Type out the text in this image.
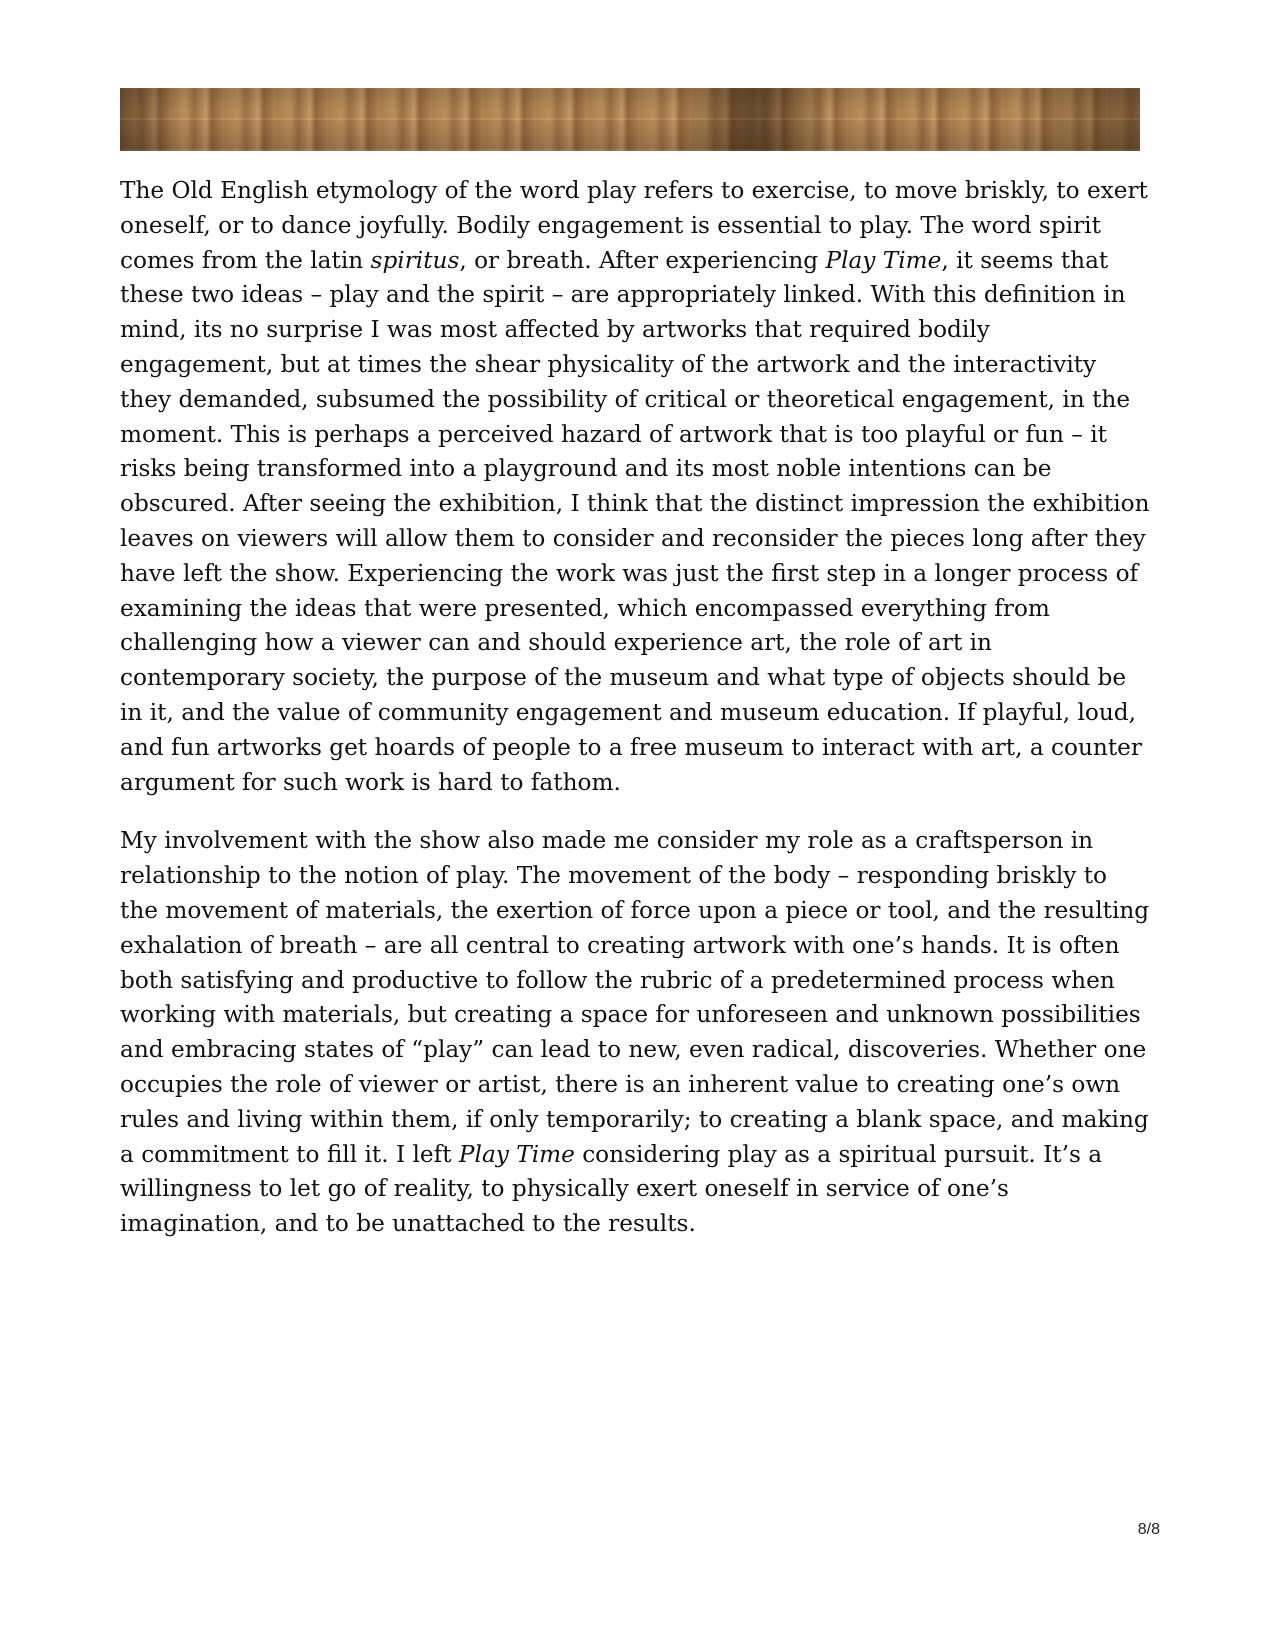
The Old English etymology of the word play refers to exercise, to move briskly, to exert oneself, or to dance joyfully. Bodily engagement is essential to play. The word spirit comes from the latin spiritus, or breath. After experiencing Play Time, it seems that these two ideas – play and the spirit – are appropriately linked. With this definition in mind, its no surprise I was most affected by artworks that required bodily engagement, but at times the shear physicality of the artwork and the interactivity they demanded, subsumed the possibility of critical or theoretical engagement, in the moment. This is perhaps a perceived hazard of artwork that is too playful or fun – it risks being transformed into a playground and its most noble intentions can be obscured. After seeing the exhibition, I think that the distinct impression the exhibition leaves on viewers will allow them to consider and reconsider the pieces long after they have left the show. Experiencing the work was just the first step in a longer process of examining the ideas that were presented, which encompassed everything from challenging how a viewer can and should experience art, the role of art in contemporary society, the purpose of the museum and what type of objects should be in it, and the value of community engagement and museum education. If playful, loud, and fun artworks get hoards of people to a free museum to interact with art, a counter argument for such work is hard to fathom.

My involvement with the show also made me consider my role as a craftsperson in relationship to the notion of play. The movement of the body – responding briskly to the movement of materials, the exertion of force upon a piece or tool, and the resulting exhalation of breath – are all central to creating artwork with one’s hands. It is often both satisfying and productive to follow the rubric of a predetermined process when working with materials, but creating a space for unforeseen and unknown possibilities and embracing states of “play” can lead to new, even radical, discoveries. Whether one occupies the role of viewer or artist, there is an inherent value to creating one’s own rules and living within them, if only temporarily; to creating a blank space, and making a commitment to fill it. I left Play Time considering play as a spiritual pursuit. It’s a willingness to let go of reality, to physically exert oneself in service of one’s imagination, and to be unattached to the results.

8/8
